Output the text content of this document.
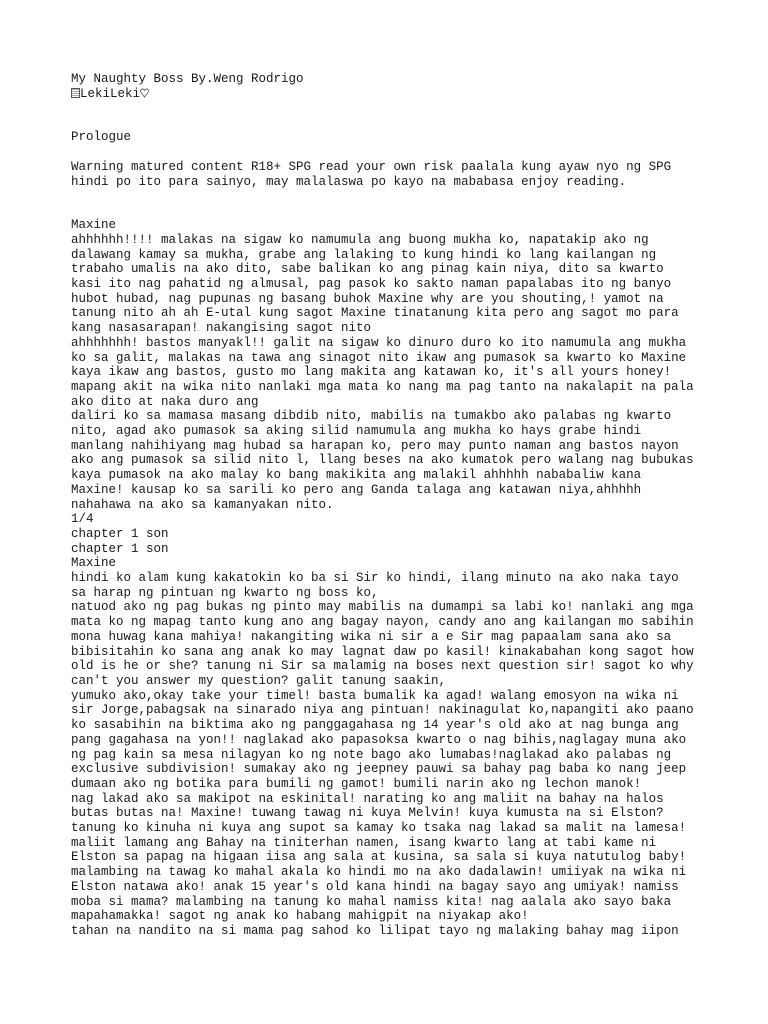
My Naughty Boss By.Weng Rodrigo
LekiLeki
Prologue
Warning matured content R18+ SPG read your own risk paalala kung ayaw nyo ng SPG
hindi po ito para sainyo, may malalaswa po kayo na mababasa enjoy reading.
Maxine
ahhhhhh!!!! malakas na sigaw ko namumula ang buong mukha ko, napatakip ako ng
dalawang kamay sa mukha, grabe ang lalaking to kung hindi ko lang kailangan ng
trabaho umalis na ako dito, sabe balikan ko ang pinag kain niya, dito sa kwarto
kasi ito nag pahatid ng almusal, pag pasok ko sakto naman papalabas ito ng banyo
hubot hubad, nag pupunas ng basang buhok Maxine why are you shouting,! yamot na
tanung nito ah ah E-utal kung sagot Maxine tinatanung kita pero ang sagot mo para
kang nasasarapan! nakangising sagot nito
ahhhhhhh! bastos manyakl!! galit na sigaw ko dinuro duro ko ito namumula ang mukha
ko sa galit, malakas na tawa ang sinagot nito ikaw ang pumasok sa kwarto ko Maxine
kaya ikaw ang bastos, gusto mo lang makita ang katawan ko, it's all yours honey!
mapang akit na wika nito nanlaki mga mata ko nang ma pag tanto na nakalapit na pala
ako dito at naka duro ang
daliri ko sa mamasa masang dibdib nito, mabilis na tumakbo ako palabas ng kwarto
nito, agad ako pumasok sa aking silid namumula ang mukha ko hays grabe hindi
manlang nahihiyang mag hubad sa harapan ko, pero may punto naman ang bastos nayon
ako ang pumasok sa silid nito l, llang beses na ako kumatok pero walang nag bubukas
kaya pumasok na ako malay ko bang makikita ang malakil ahhhhh nababaliw kana
Maxine! kausap ko sa sarili ko pero ang Ganda talaga ang katawan niya,ahhhhh
nahahawa na ako sa kamanyakan nito.
1/4
chapter 1 son
chapter 1 son
Maxine
hindi ko alam kung kakatokin ko ba si Sir ko hindi, ilang minuto na ako naka tayo
sa harap ng pintuan ng kwarto ng boss ko,
natuod ako ng pag bukas ng pinto may mabilis na dumampi sa labi ko! nanlaki ang mga
mata ko ng mapag tanto kung ano ang bagay nayon, candy ano ang kailangan mo sabihin
mona huwag kana mahiya! nakangiting wika ni sir a e Sir mag papaalam sana ako sa
bibisitahin ko sana ang anak ko may lagnat daw po kasil! kinakabahan kong sagot how
old is he or she? tanung ni Sir sa malamig na boses next question sir! sagot ko why
can't you answer my question? galit tanung saakin,
yumuko ako,okay take your timel! basta bumalik ka agad! walang emosyon na wika ni
sir Jorge,pabagsak na sinarado niya ang pintuan! nakinagulat ko,napangiti ako paano
ko sasabihin na biktima ako ng panggagahasa ng 14 year's old ako at nag bunga ang
pang gagahasa na yon!! naglakad ako papasoksa kwarto o nag bihis,naglagay muna ako
ng pag kain sa mesa nilagyan ko ng note bago ako lumabas!naglakad ako palabas ng
exclusive subdivision! sumakay ako ng jeepney pauwi sa bahay pag baba ko nang jeep
dumaan ako ng botika para bumili ng gamot! bumili narin ako ng lechon manok!
nag lakad ako sa makipot na eskinital! narating ko ang maliit na bahay na halos
butas butas na! Maxine! tuwang tawag ni kuya Melvin! kuya kumusta na si Elston?
tanung ko kinuha ni kuya ang supot sa kamay ko tsaka nag lakad sa malit na lamesa!
maliit lamang ang Bahay na tiniterhan namen, isang kwarto lang at tabi kame ni
Elston sa papag na higaan iisa ang sala at kusina, sa sala si kuya natutulog baby!
malambing na tawag ko mahal akala ko hindi mo na ako dadalawin! umiiyak na wika ni
Elston natawa ako! anak 15 year's old kana hindi na bagay sayo ang umiyak! namiss
moba si mama? malambing na tanung ko mahal namiss kita! nag aalala ako sayo baka
mapahamakka! sagot ng anak ko habang mahigpit na niyakap ako!
tahan na nandito na si mama pag sahod ko lilipat tayo ng malaking bahay mag iipon
